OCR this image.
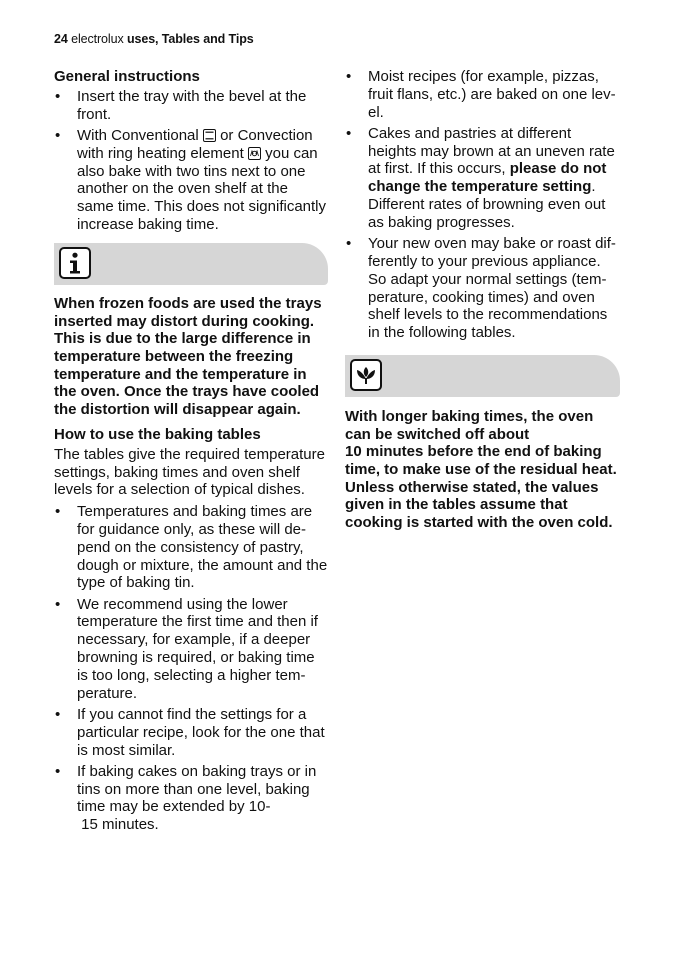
24 electrolux uses, Tables and Tips
General instructions
• Insert the tray with the bevel at the front.
• With Conventional
or Convection with ring heating element
you can also bake with two tins next to one another on the oven shelf at the same time. This does not significantly increase baking time.
When frozen foods are used the trays inserted may distort during cooking. This is due to the large difference in temperature between the freezing temperature and the temperature in the oven. Once the trays have cooled the distortion will disappear again.
How to use the baking tables

The tables give the required temperature settings, baking times and oven shelf levels for a selection of typical dishes.

• Temperatures and baking times are for guidance only, as these will depend on the consistency of pastry, dough or mixture, the amount and the type of baking tin.
• We recommend using the lower temperature the first time and then if necessary, for example, if a deeper browning is required, or baking time is too long, selecting a higher temperature.
• If you cannot find the settings for a particular recipe, look for the one that is most similar.
• If baking cakes on baking trays or in tins on more than one level, baking time may be extended by 10- 15 minutes.
• Moist recipes (for example, pizzas, fruit flans, etc.) are baked on one level.
• Cakes and pastries at different heights may brown at an uneven rate at first. If this occurs, please do not change the temperature setting. Different rates of browning even out as baking progresses.
• Your new oven may bake or roast differently to your previous appliance. So adapt your normal settings (temperature, cooking times) and oven shelf levels to the recommendations in the following tables.
With longer baking times, the oven can be switched off about
10 minutes before the end of baking time, to make use of the residual heat.
Unless otherwise stated, the values given in the tables assume that cooking is started with the oven cold.
